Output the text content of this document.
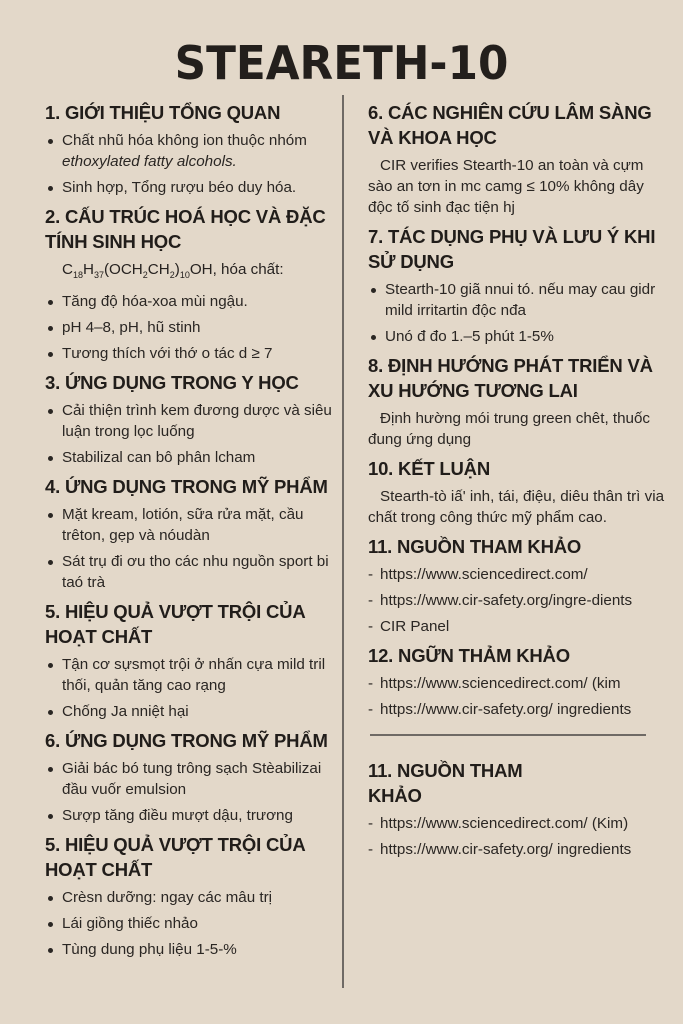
STEARETH-10
1. GIỚI THIỆU TỔNG QUAN
Chất nhũ hóa không ion thuộc nhóm ethoxylated fatty alcohols.
Sinh hợp, Tổng rượu béo duy hóa.
2. CẤU TRÚC HOÁ HỌC VÀ ĐẶC TÍNH SINH HỌC
$C_{18}H_{37}(OCH_2CH_2)_{10}OH$, hóa chất:
Tăng độ hóa-xoa mùi ngậu.
pH 4–8, pH, hũ stinh
Tương thích với thớ o tác d ≥ 7
3. ỨNG DỤNG TRONG Y HỌC
Cải thiện trình kem đương dược và siêu luận trong lọc luống
Stabilizal can bô phân lcham
4. ỨNG DỤNG TRONG MỸ PHẨM
Mặt kream, lotión, sữa rửa mặt, cầu trêton, gẹp và nóudàn
Sát trụ đi ơu tho các nhu nguồn sport bi taó trà
5. HIỆU QUẢ VƯỢT TRỘI CỦA HOẠT CHẤT
Tận cơ sựsmọt trội ở nhấn cựa mild tril thối, quản tăng cao rạng
Chống Ja nniệt hại
6. ỨNG DỤNG TRONG MỸ PHẨM
Giải bác bó tung trông sạch Stèabilizai đầu vuốr emulsion
Sượp tăng điều mượt dậu, trương
5. HIỆU QUẢ VƯỢT TRỘI CỦA HOẠT CHẤT
Crèsn dưỡng: ngay các mâu trị
Lái giồng thiếc nhảo
Tùng dung phụ liệu 1-5-%
6. CÁC NGHIÊN CỨU LÂM SÀNG VÀ KHOA HỌC

CIR verifies Stearth-10 an toàn và cựm sào an tơn in mc camg ≤ 10% không dây độc tố sinh đạc tiện hj

7. TÁC DỤNG PHỤ VÀ LƯU Ý KHI SỬ DỤNG
Stearth-10 giã nnui tó. nếu may cau gidr mild irritartin độc nđa
Unó đ đo 1.–5 phút 1-5%
8. ĐỊNH HƯỚNG PHÁT TRIỂN VÀ XU HƯỚNG TƯƠNG LAI

Định hường mói trung green chêt, thuốc đung ứng dụng

10. KẾT LUẬN

Stearth-tò iấ' inh, tái, điệu, diêu thân trì via chất trong công thức mỹ phẩm cao.

11. NGUỒN THAM KHẢO
- https://www.sciencedirect.com/
- https://www.cir-safety.org/ingre-dients
- CIR Panel
12. NGỮN THẢM KHẢO
- https://www.sciencedirect.com/ (kim
- https://www.cir-safety.org/ ingredients
11. NGUỒN THAM KHẢO
- https://www.sciencedirect.com/ (Kim)
- https://www.cir-safety.org/ ingredients
